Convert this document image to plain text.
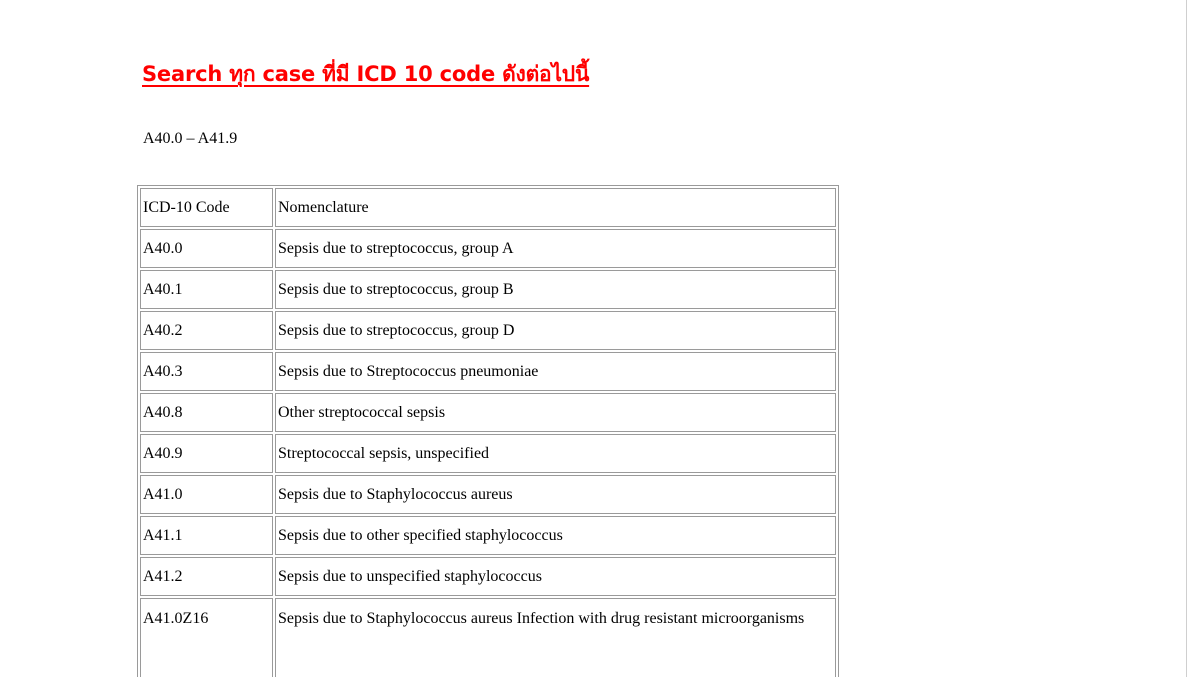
Search ทุก case ที่มี ICD 10 code ดังต่อไปนี้
A40.0 – A41.9
ICD-10 Code	Nomenclature
A40.0	Sepsis due to streptococcus, group A
A40.1	Sepsis due to streptococcus, group B
A40.2	Sepsis due to streptococcus, group D
A40.3	Sepsis due to Streptococcus pneumoniae
A40.8	Other streptococcal sepsis
A40.9	Streptococcal sepsis, unspecified
A41.0	Sepsis due to Staphylococcus aureus
A41.1	Sepsis due to other specified staphylococcus
A41.2	Sepsis due to unspecified staphylococcus
A41.0Z16	Sepsis due to Staphylococcus aureus Infection with drug resistant microorganisms
